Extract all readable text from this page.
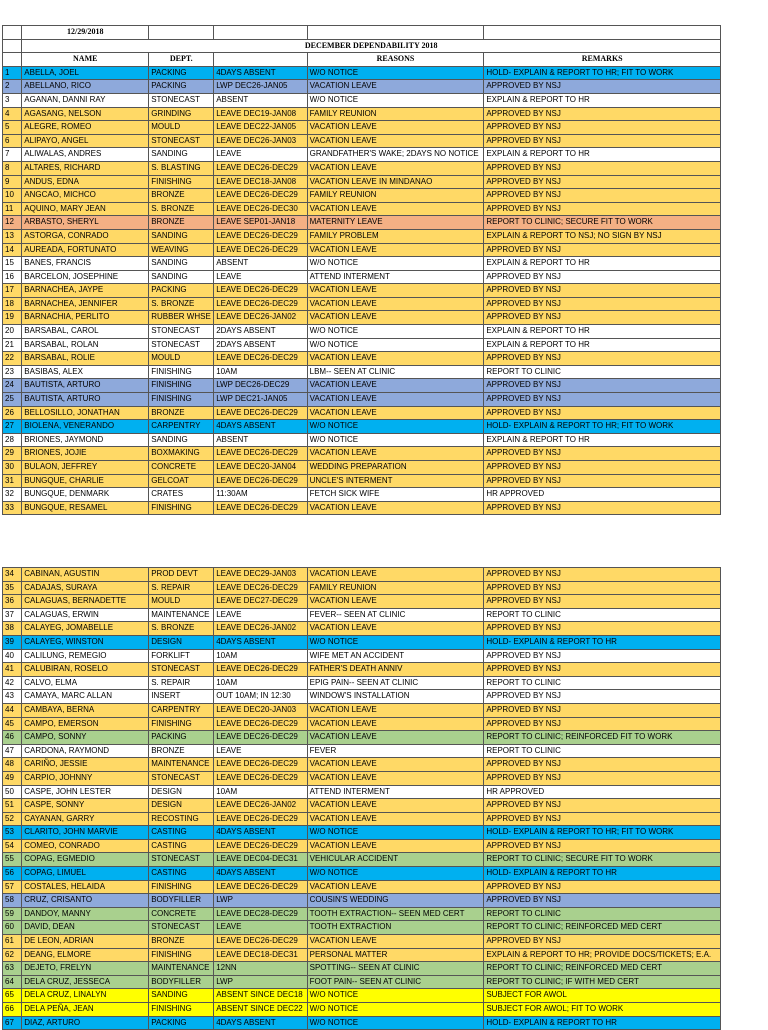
	12/29/2018				
	DECEMBER DEPENDABILITY 2018				
	NAME	DEPT.		REASONS	REMARKS
1	ABELLA, JOEL	PACKING	4DAYS ABSENT	W/O NOTICE	HOLD- EXPLAIN & REPORT TO HR; FIT TO WORK
2	ABELLANO, RICO	PACKING	LWP DEC26-JAN05	VACATION LEAVE	APPROVED BY NSJ
3	AGANAN, DANNI RAY	STONECAST	ABSENT	W/O NOTICE	EXPLAIN & REPORT TO HR
4	AGASANG, NELSON	GRINDING	LEAVE DEC19-JAN08	FAMILY REUNION	APPROVED BY NSJ
5	ALEGRE, ROMEO	MOULD	LEAVE DEC22-JAN05	VACATION LEAVE	APPROVED BY NSJ
6	ALIPAYO, ANGEL	STONECAST	LEAVE DEC26-JAN03	VACATION LEAVE	APPROVED BY NSJ
7	ALIWALAS, ANDRES	SANDING	LEAVE	GRANDFATHER'S WAKE; 2DAYS NO NOTICE	EXPLAIN & REPORT TO HR
8	ALTARES, RICHARD	S. BLASTING	LEAVE DEC26-DEC29	VACATION LEAVE	APPROVED BY NSJ
9	ANDUS, EDNA	FINISHING	LEAVE DEC18-JAN08	VACATION LEAVE IN MINDANAO	APPROVED BY NSJ
10	ANGCAO, MICHCO	BRONZE	LEAVE DEC26-DEC29	FAMILY REUNION	APPROVED BY NSJ
11	AQUINO, MARY JEAN	S. BRONZE	LEAVE DEC26-DEC30	VACATION LEAVE	APPROVED BY NSJ
12	ARBASTO, SHERYL	BRONZE	LEAVE SEP01-JAN18	MATERNITY LEAVE	REPORT TO CLINIC; SECURE FIT TO WORK
13	ASTORGA, CONRADO	SANDING	LEAVE DEC26-DEC29	FAMILY PROBLEM	EXPLAIN & REPORT TO NSJ; NO SIGN BY NSJ
14	AUREADA, FORTUNATO	WEAVING	LEAVE DEC26-DEC29	VACATION LEAVE	APPROVED BY NSJ
15	BANES, FRANCIS	SANDING	ABSENT	W/O NOTICE	EXPLAIN & REPORT TO HR
16	BARCELON, JOSEPHINE	SANDING	LEAVE	ATTEND INTERMENT	APPROVED BY NSJ
17	BARNACHEA, JAYPE	PACKING	LEAVE DEC26-DEC29	VACATION LEAVE	APPROVED BY NSJ
18	BARNACHEA, JENNIFER	S. BRONZE	LEAVE DEC26-DEC29	VACATION LEAVE	APPROVED BY NSJ
19	BARNACHIA, PERLITO	RUBBER WHSE	LEAVE DEC26-JAN02	VACATION LEAVE	APPROVED BY NSJ
20	BARSABAL, CAROL	STONECAST	2DAYS ABSENT	W/O NOTICE	EXPLAIN & REPORT TO HR
21	BARSABAL, ROLAN	STONECAST	2DAYS ABSENT	W/O NOTICE	EXPLAIN & REPORT TO HR
22	BARSABAL, ROLIE	MOULD	LEAVE DEC26-DEC29	VACATION LEAVE	APPROVED BY NSJ
23	BASIBAS, ALEX	FINISHING	10AM	LBM-- SEEN AT CLINIC	REPORT TO CLINIC
24	BAUTISTA, ARTURO	FINISHING	LWP DEC26-DEC29	VACATION LEAVE	APPROVED BY NSJ
25	BAUTISTA, ARTURO	FINISHING	LWP DEC21-JAN05	VACATION LEAVE	APPROVED BY NSJ
26	BELLOSILLO, JONATHAN	BRONZE	LEAVE DEC26-DEC29	VACATION LEAVE	APPROVED BY NSJ
27	BIOLENA, VENERANDO	CARPENTRY	4DAYS ABSENT	W/O NOTICE	HOLD- EXPLAIN & REPORT TO HR; FIT TO WORK
28	BRIONES, JAYMOND	SANDING	ABSENT	W/O NOTICE	EXPLAIN & REPORT TO HR
29	BRIONES, JOJIE	BOXMAKING	LEAVE DEC26-DEC29	VACATION LEAVE	APPROVED BY NSJ
30	BULAON, JEFFREY	CONCRETE	LEAVE DEC20-JAN04	WEDDING PREPARATION	APPROVED BY NSJ
31	BUNGQUE, CHARLIE	GELCOAT	LEAVE DEC26-DEC29	UNCLE'S INTERMENT	APPROVED BY NSJ
32	BUNGQUE, DENMARK	CRATES	11:30AM	FETCH SICK WIFE	HR APPROVED
33	BUNGQUE, RESAMEL	FINISHING	LEAVE DEC26-DEC29	VACATION LEAVE	APPROVED BY NSJ
34	CABINAN, AGUSTIN	PROD DEVT	LEAVE DEC29-JAN03	VACATION LEAVE	APPROVED BY NSJ
35	CADAJAS, SURAYA	S. REPAIR	LEAVE DEC26-DEC29	FAMILY REUNION	APPROVED BY NSJ
36	CALAGUAS, BERNADETTE	MOULD	LEAVE DEC27-DEC29	VACATION LEAVE	APPROVED BY NSJ
37	CALAGUAS, ERWIN	MAINTENANCE	LEAVE	FEVER-- SEEN AT CLINIC	REPORT TO CLINIC
38	CALAYEG, JOMABELLE	S. BRONZE	LEAVE DEC26-JAN02	VACATION LEAVE	APPROVED BY NSJ
39	CALAYEG, WINSTON	DESIGN	4DAYS ABSENT	W/O NOTICE	HOLD- EXPLAIN & REPORT TO HR
40	CALILUNG, REMEGIO	FORKLIFT	10AM	WIFE MET AN ACCIDENT	APPROVED BY NSJ
41	CALUBIRAN, ROSELO	STONECAST	LEAVE DEC26-DEC29	FATHER'S DEATH ANNIV	APPROVED BY NSJ
42	CALVO, ELMA	S. REPAIR	10AM	EPIG PAIN-- SEEN AT CLINIC	REPORT TO CLINIC
43	CAMAYA, MARC ALLAN	INSERT	OUT 10AM; IN 12:30	WINDOW'S INSTALLATION	APPROVED BY NSJ
44	CAMBAYA, BERNA	CARPENTRY	LEAVE DEC20-JAN03	VACATION LEAVE	APPROVED BY NSJ
45	CAMPO, EMERSON	FINISHING	LEAVE DEC26-DEC29	VACATION LEAVE	APPROVED BY NSJ
46	CAMPO, SONNY	PACKING	LEAVE DEC26-DEC29	VACATION LEAVE	REPORT TO CLINIC; REINFORCED FIT TO WORK
47	CARDONA, RAYMOND	BRONZE	LEAVE	FEVER	REPORT TO CLINIC
48	CARIÑO, JESSIE	MAINTENANCE	LEAVE DEC26-DEC29	VACATION LEAVE	APPROVED BY NSJ
49	CARPIO, JOHNNY	STONECAST	LEAVE DEC26-DEC29	VACATION LEAVE	APPROVED BY NSJ
50	CASPE, JOHN LESTER	DESIGN	10AM	ATTEND INTERMENT	HR APPROVED
51	CASPE, SONNY	DESIGN	LEAVE DEC26-JAN02	VACATION LEAVE	APPROVED BY NSJ
52	CAYANAN, GARRY	RECOSTING	LEAVE DEC26-DEC29	VACATION LEAVE	APPROVED BY NSJ
53	CLARITO, JOHN MARVIE	CASTING	4DAYS ABSENT	W/O NOTICE	HOLD- EXPLAIN & REPORT TO HR; FIT TO WORK
54	COMEO, CONRADO	CASTING	LEAVE DEC26-DEC29	VACATION LEAVE	APPROVED BY NSJ
55	COPAG, EGMEDIO	STONECAST	LEAVE DEC04-DEC31	VEHICULAR ACCIDENT	REPORT TO CLINIC; SECURE FIT TO WORK
56	COPAG, LIMUEL	CASTING	4DAYS ABSENT	W/O NOTICE	HOLD- EXPLAIN & REPORT TO HR
57	COSTALES, HELAIDA	FINISHING	LEAVE DEC26-DEC29	VACATION LEAVE	APPROVED BY NSJ
58	CRUZ, CRISANTO	BODYFILLER	LWP	COUSIN'S WEDDING	APPROVED BY NSJ
59	DANDOY, MANNY	CONCRETE	LEAVE DEC28-DEC29	TOOTH EXTRACTION-- SEEN MED CERT	REPORT TO CLINIC
60	DAVID, DEAN	STONECAST	LEAVE	TOOTH EXTRACTION	REPORT TO CLINIC; REINFORCED MED CERT
61	DE LEON, ADRIAN	BRONZE	LEAVE DEC26-DEC29	VACATION LEAVE	APPROVED BY NSJ
62	DEANG, ELMORE	FINISHING	LEAVE DEC18-DEC31	PERSONAL MATTER	EXPLAIN & REPORT TO HR; PROVIDE DOCS/TICKETS; E.A.
63	DEJETO, FRELYN	MAINTENANCE	12NN	SPOTTING-- SEEN AT CLINIC	REPORT TO CLINIC; REINFORCED MED CERT
64	DELA CRUZ, JESSECA	BODYFILLER	LWP	FOOT PAIN-- SEEN AT CLINIC	REPORT TO CLINIC; IF WITH MED CERT
65	DELA CRUZ, LINALYN	SANDING	ABSENT SINCE DEC18	W/O NOTICE	SUBJECT FOR AWOL
66	DELA PEÑA, JEAN	FINISHING	ABSENT SINCE DEC22	W/O NOTICE	SUBJECT FOR AWOL; FIT TO WORK
67	DIAZ, ARTURO	PACKING	4DAYS ABSENT	W/O NOTICE	HOLD- EXPLAIN & REPORT TO HR
